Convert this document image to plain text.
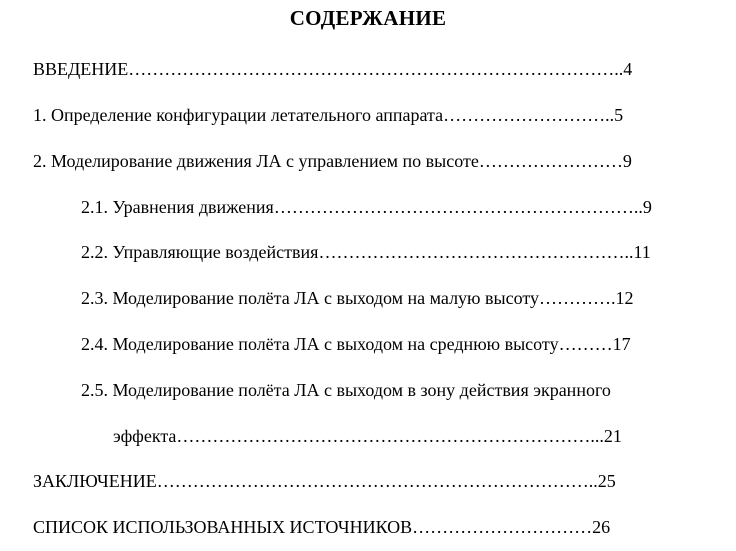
СОДЕРЖАНИЕ
ВВЕДЕНИЕ………………………………………………………………………..4
1. Определение конфигурации летательного аппарата………………………..5
2. Моделирование движения ЛА с управлением по высоте……………………9
2.1. Уравнения движения……………………………………………………..9
2.2. Управляющие воздействия……………………………………………..11
2.3. Моделирование полёта ЛА с выходом на малую высоту………….12
2.4. Моделирование полёта ЛА с выходом на среднюю высоту………17
2.5. Моделирование полёта ЛА с выходом в зону действия экранного
эффекта……………………………………………………………...21
ЗАКЛЮЧЕНИЕ………………………………………………………………..25
СПИСОК ИСПОЛЬЗОВАННЫХ ИСТОЧНИКОВ…………………………26
